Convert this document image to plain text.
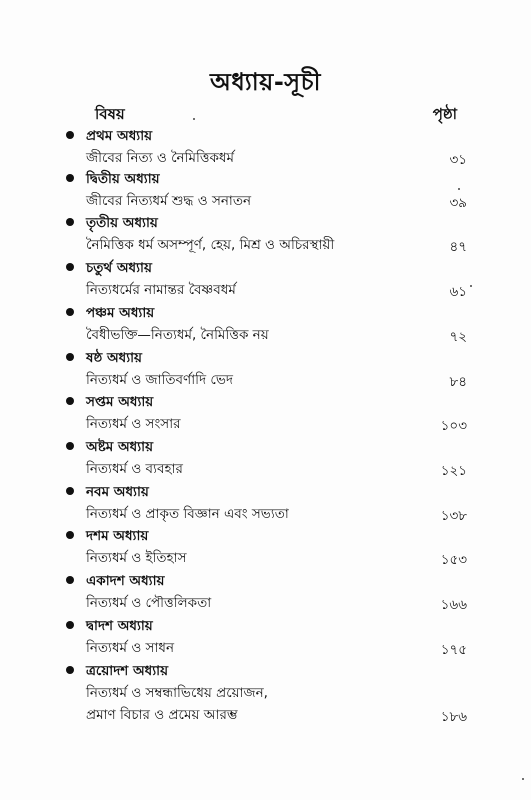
অধ্যায়-সূচী
বিষয়	পৃষ্ঠা
প্রথম অধ্যায়
জীবের নিত্য ও নৈমিত্তিকধর্ম	৩১
দ্বিতীয় অধ্যায়
জীবের নিত্যধর্ম শুদ্ধ ও সনাতন	৩৯
তৃতীয় অধ্যায়
নৈমিত্তিক ধর্ম অসম্পূর্ণ, হেয়, মিশ্র ও অচিরস্থায়ী	৪৭
চতুর্থ অধ্যায়
নিত্যধর্মের নামান্তর বৈষ্ণবধর্ম	৬১
পঞ্চম অধ্যায়
বৈধীভক্তি—নিত্যধর্ম, নৈমিত্তিক নয়	৭২
ষষ্ঠ অধ্যায়
নিত্যধর্ম ও জাতিবর্ণাদি ভেদ	৮৪
সপ্তম অধ্যায়
নিত্যধর্ম ও সংসার	১০৩
অষ্টম অধ্যায়
নিত্যধর্ম ও ব্যবহার	১২১
নবম অধ্যায়
নিত্যধর্ম ও প্রাকৃত বিজ্ঞান এবং সভ্যতা	১৩৮
দশম অধ্যায়
নিত্যধর্ম ও ইতিহাস	১৫৩
একাদশ অধ্যায়
নিত্যধর্ম ও পৌত্তলিকতা	১৬৬
দ্বাদশ অধ্যায়
নিত্যধর্ম ও সাধন	১৭৫
ত্রয়োদশ অধ্যায়
নিত্যধর্ম ও সম্বন্ধাভিধেয় প্রয়োজন,
প্রমাণ বিচার ও প্রমেয় আরম্ভ	১৮৬
